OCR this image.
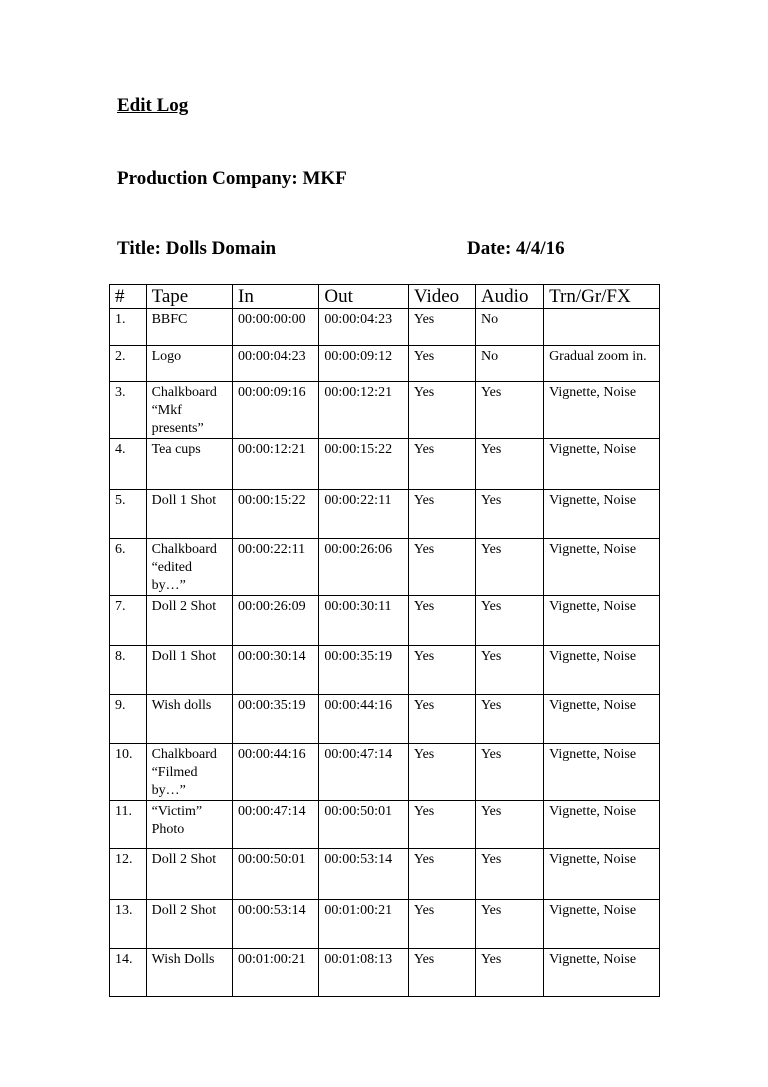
Edit Log
Production Company: MKF
Title: Dolls Domain	Date: 4/4/16
#	Tape	In	Out	Video	Audio	Trn/Gr/FX
1.	BBFC	00:00:00:00	00:00:04:23	Yes	No	
2.	Logo	00:00:04:23	00:00:09:12	Yes	No	Gradual zoom in.
3.	Chalkboard “Mkf presents”	00:00:09:16	00:00:12:21	Yes	Yes	Vignette, Noise
4.	Tea cups	00:00:12:21	00:00:15:22	Yes	Yes	Vignette, Noise
5.	Doll 1 Shot	00:00:15:22	00:00:22:11	Yes	Yes	Vignette, Noise
6.	Chalkboard “edited by…”	00:00:22:11	00:00:26:06	Yes	Yes	Vignette, Noise
7.	Doll 2 Shot	00:00:26:09	00:00:30:11	Yes	Yes	Vignette, Noise
8.	Doll 1 Shot	00:00:30:14	00:00:35:19	Yes	Yes	Vignette, Noise
9.	Wish dolls	00:00:35:19	00:00:44:16	Yes	Yes	Vignette, Noise
10.	Chalkboard “Filmed by…”	00:00:44:16	00:00:47:14	Yes	Yes	Vignette, Noise
11.	“Victim” Photo	00:00:47:14	00:00:50:01	Yes	Yes	Vignette, Noise
12.	Doll 2 Shot	00:00:50:01	00:00:53:14	Yes	Yes	Vignette, Noise
13.	Doll 2 Shot	00:00:53:14	00:01:00:21	Yes	Yes	Vignette, Noise
14.	Wish Dolls	00:01:00:21	00:01:08:13	Yes	Yes	Vignette, Noise
